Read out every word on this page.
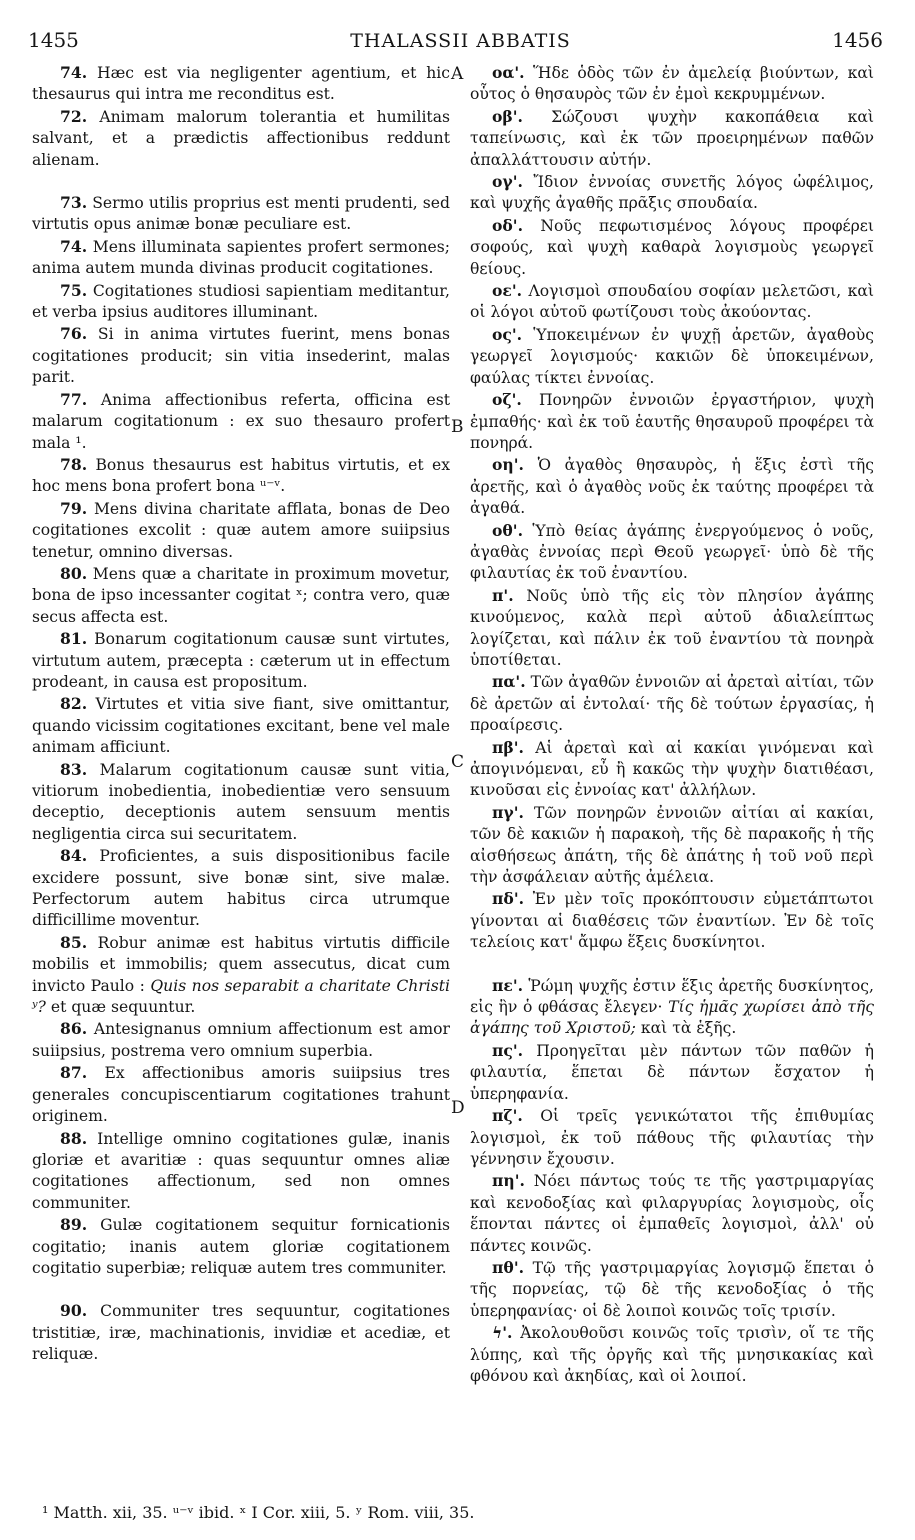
1455	THALASSII ABBATIS	1456

74. Hæc est via negligenter agentium, et hic thesaurus qui intra me reconditus est.

72. Animam malorum tolerantia et humilitas salvant, et a prædictis affectionibus reddunt alienam.

73. Sermo utilis proprius est menti prudenti, sed virtutis opus animæ bonæ peculiare est.

74. Mens illuminata sapientes profert sermones; anima autem munda divinas producit cogitationes.

75. Cogitationes studiosi sapientiam meditantur, et verba ipsius auditores illuminant.

76. Si in anima virtutes fuerint, mens bonas cogitationes producit; sin vitia insederint, malas parit.

77. Anima affectionibus referta, officina est malarum cogitationum : ex suo thesauro profert mala ¹.

78. Bonus thesaurus est habitus virtutis, et ex hoc mens bona profert bona ᵘ⁻ᵛ.

79. Mens divina charitate afflata, bonas de Deo cogitationes excolit : quæ autem amore suiipsius tenetur, omnino diversas.

80. Mens quæ a charitate in proximum movetur, bona de ipso incessanter cogitat ˣ; contra vero, quæ secus affecta est.

81. Bonarum cogitationum causæ sunt virtutes, virtutum autem, præcepta : cæterum ut in effectum prodeant, in causa est propositum.

82. Virtutes et vitia sive fiant, sive omittantur, quando vicissim cogitationes excitant, bene vel male animam afficiunt.

83. Malarum cogitationum causæ sunt vitia, vitiorum inobedientia, inobedientiæ vero sensuum deceptio, deceptionis autem sensuum mentis negligentia circa sui securitatem.

84. Proficientes, a suis dispositionibus facile excidere possunt, sive bonæ sint, sive malæ. Perfectorum autem habitus circa utrumque difficillime moventur.

85. Robur animæ est habitus virtutis difficile mobilis et immobilis; quem assecutus, dicat cum invicto Paulo : Quis nos separabit a charitate Christi ʸ? et quæ sequuntur.

86. Antesignanus omnium affectionum est amor suiipsius, postrema vero omnium superbia.

87. Ex affectionibus amoris suiipsius tres generales concupiscentiarum cogitationes trahunt originem.

88. Intellige omnino cogitationes gulæ, inanis gloriæ et avaritiæ : quas sequuntur omnes aliæ cogitationes affectionum, sed non omnes communiter.

89. Gulæ cogitationem sequitur fornicationis cogitatio; inanis autem gloriæ cogitationem cogitatio superbiæ; reliquæ autem tres communiter.

90. Communiter tres sequuntur, cogitationes tristitiæ, iræ, machinationis, invidiæ et acediæ, et reliquæ.

οα'. Ἥδε ὁδὸς τῶν ἐν ἀμελείᾳ βιούντων, καὶ οὗτος ὁ θησαυρὸς τῶν ἐν ἐμοὶ κεκρυμμένων.

οβ'. Σώζουσι ψυχὴν κακοπάθεια καὶ ταπείνωσις, καὶ ἐκ τῶν προειρημένων παθῶν ἀπαλλάττουσιν αὐτήν.

ογ'. Ἴδιον ἐννοίας συνετῆς λόγος ὠφέλιμος, καὶ ψυχῆς ἀγαθῆς πρᾶξις σπουδαία.

οδ'. Νοῦς πεφωτισμένος λόγους προφέρει σοφούς, καὶ ψυχὴ καθαρὰ λογισμοὺς γεωργεῖ θείους.

οε'. Λογισμοὶ σπουδαίου σοφίαν μελετῶσι, καὶ οἱ λόγοι αὐτοῦ φωτίζουσι τοὺς ἀκούοντας.

ος'. Ὑποκειμένων ἐν ψυχῇ ἀρετῶν, ἀγαθοὺς γεωργεῖ λογισμούς· κακιῶν δὲ ὑποκειμένων, φαύλας τίκτει ἐννοίας.

οζ'. Πονηρῶν ἐννοιῶν ἐργαστήριον, ψυχὴ ἐμπαθής· καὶ ἐκ τοῦ ἑαυτῆς θησαυροῦ προφέρει τὰ πονηρά.

οη'. Ὁ ἀγαθὸς θησαυρὸς, ἡ ἕξις ἐστὶ τῆς ἀρετῆς, καὶ ὁ ἀγαθὸς νοῦς ἐκ ταύτης προφέρει τὰ ἀγαθά.

οθ'. Ὑπὸ θείας ἀγάπης ἐνεργούμενος ὁ νοῦς, ἀγαθὰς ἐννοίας περὶ Θεοῦ γεωργεῖ· ὑπὸ δὲ τῆς φιλαυτίας ἐκ τοῦ ἐναντίου.

π'. Νοῦς ὑπὸ τῆς εἰς τὸν πλησίον ἀγάπης κινούμενος, καλὰ περὶ αὐτοῦ ἀδιαλείπτως λογίζεται, καὶ πάλιν ἐκ τοῦ ἐναντίου τὰ πονηρὰ ὑποτίθεται.

πα'. Τῶν ἀγαθῶν ἐννοιῶν αἱ ἀρεταὶ αἰτίαι, τῶν δὲ ἀρετῶν αἱ ἐντολαί· τῆς δὲ τούτων ἐργασίας, ἡ προαίρεσις.

πβ'. Αἱ ἀρεταὶ καὶ αἱ κακίαι γινόμεναι καὶ ἀπογινόμεναι, εὖ ἢ κακῶς τὴν ψυχὴν διατιθέασι, κινοῦσαι εἰς ἐννοίας κατ' ἀλλήλων.

πγ'. Τῶν πονηρῶν ἐννοιῶν αἰτίαι αἱ κακίαι, τῶν δὲ κακιῶν ἡ παρακοὴ, τῆς δὲ παρακοῆς ἡ τῆς αἰσθήσεως ἀπάτη, τῆς δὲ ἀπάτης ἡ τοῦ νοῦ περὶ τὴν ἀσφάλειαν αὐτῆς ἀμέλεια.

πδ'. Ἐν μὲν τοῖς προκόπτουσιν εὐμετάπτωτοι γίνονται αἱ διαθέσεις τῶν ἐναντίων. Ἐν δὲ τοῖς τελείοις κατ' ἄμφω ἕξεις δυσκίνητοι.

πε'. Ῥώμη ψυχῆς ἐστιν ἕξις ἀρετῆς δυσκίνητος, εἰς ἣν ὁ φθάσας ἔλεγεν· Τίς ἡμᾶς χωρίσει ἀπὸ τῆς ἀγάπης τοῦ Χριστοῦ; καὶ τὰ ἑξῆς.

πς'. Προηγεῖται μὲν πάντων τῶν παθῶν ἡ φιλαυτία, ἕπεται δὲ πάντων ἔσχατον ἡ ὑπερηφανία.

πζ'. Οἱ τρεῖς γενικώτατοι τῆς ἐπιθυμίας λογισμοὶ, ἐκ τοῦ πάθους τῆς φιλαυτίας τὴν γέννησιν ἔχουσιν.

πη'. Νόει πάντως τούς τε τῆς γαστριμαργίας καὶ κενοδοξίας καὶ φιλαργυρίας λογισμοὺς, οἷς ἕπονται πάντες οἱ ἐμπαθεῖς λογισμοὶ, ἀλλ' οὐ πάντες κοινῶς.

πθ'. Τῷ τῆς γαστριμαργίας λογισμῷ ἕπεται ὁ τῆς πορνείας, τῷ δὲ τῆς κενοδοξίας ὁ τῆς ὑπερηφανίας· οἱ δὲ λοιποὶ κοινῶς τοῖς τρισίν.

ϟ'. Ἀκολουθοῦσι κοινῶς τοῖς τρισὶν, οἵ τε τῆς λύπης, καὶ τῆς ὀργῆς καὶ τῆς μνησικακίας καὶ φθόνου καὶ ἀκηδίας, καὶ οἱ λοιποί.

A
B
C
D
¹ Matth. xii, 35. ᵘ⁻ᵛ ibid. ˣ I Cor. xiii, 5. ʸ Rom. viii, 35.
